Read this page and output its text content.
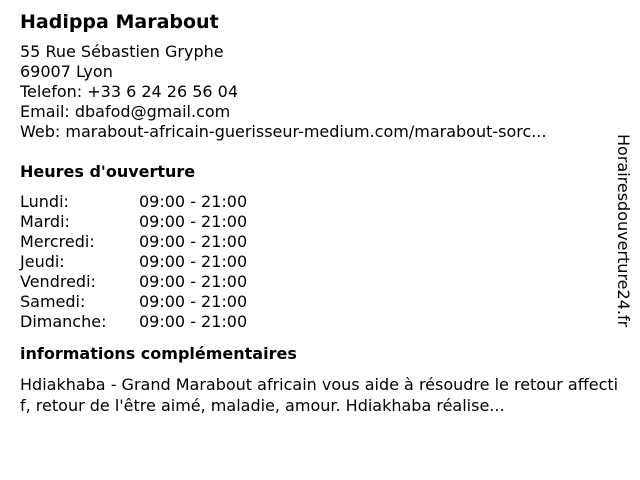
Hadippa Marabout
55 Rue Sébastien Gryphe
69007 Lyon
Telefon: +33 6 24 26 56 04
Email: dbafod@gmail.com
Web: marabout-africain-guerisseur-medium.com/marabout-sorc...
Heures d'ouverture
Lundi:	09:00 - 21:00
Mardi:	09:00 - 21:00
Mercredi:	09:00 - 21:00
Jeudi:	09:00 - 21:00
Vendredi:	09:00 - 21:00
Samedi:	09:00 - 21:00
Dimanche:	09:00 - 21:00
informations complémentaires
Hdiakhaba - Grand Marabout africain vous aide à résoudre le retour affectif, retour de l'être aimé, maladie, amour. Hdiakhaba réalise...
Horairesdouverture24.fr
